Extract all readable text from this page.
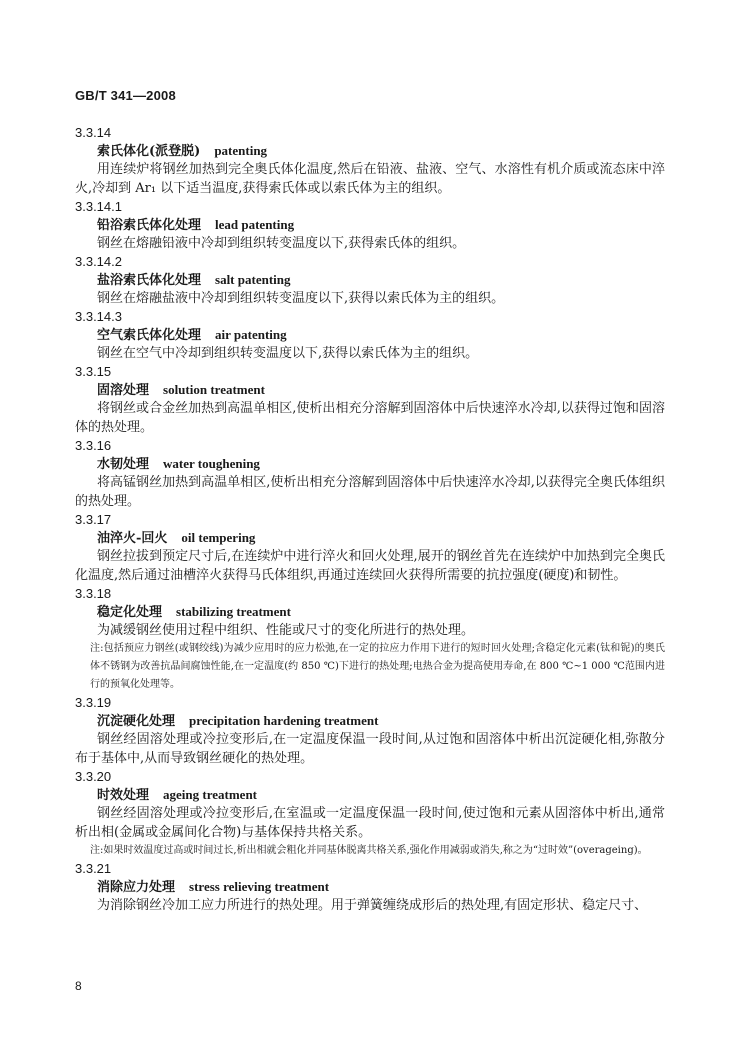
GB/T 341—2008
3.3.14
索氏体化(派登脱) patenting
用连续炉将钢丝加热到完全奥氏体化温度,然后在铅液、盐液、空气、水溶性有机介质或流态床中淬火,冷却到 Ar₁ 以下适当温度,获得索氏体或以索氏体为主的组织。
3.3.14.1
铅浴索氏体化处理 lead patenting
钢丝在熔融铅液中冷却到组织转变温度以下,获得索氏体的组织。
3.3.14.2
盐浴索氏体化处理 salt patenting
钢丝在熔融盐液中冷却到组织转变温度以下,获得以索氏体为主的组织。
3.3.14.3
空气索氏体化处理 air patenting
钢丝在空气中冷却到组织转变温度以下,获得以索氏体为主的组织。
3.3.15
固溶处理 solution treatment
将钢丝或合金丝加热到高温单相区,使析出相充分溶解到固溶体中后快速淬水冷却,以获得过饱和固溶体的热处理。
3.3.16
水韧处理 water toughening
将高锰钢丝加热到高温单相区,使析出相充分溶解到固溶体中后快速淬水冷却,以获得完全奥氏体组织的热处理。
3.3.17
油淬火-回火 oil tempering
钢丝拉拔到预定尺寸后,在连续炉中进行淬火和回火处理,展开的钢丝首先在连续炉中加热到完全奥氏化温度,然后通过油槽淬火获得马氏体组织,再通过连续回火获得所需要的抗拉强度(硬度)和韧性。
3.3.18
稳定化处理 stabilizing treatment
为减缓钢丝使用过程中组织、性能或尺寸的变化所进行的热处理。
注:包括预应力钢丝(或钢绞线)为减少应用时的应力松弛,在一定的拉应力作用下进行的短时回火处理;含稳定化元素(钛和铌)的奥氏体不锈钢为改善抗晶间腐蚀性能,在一定温度(约 850 ℃)下进行的热处理;电热合金为提高使用寿命,在 800 ℃~1 000 ℃范围内进行的预氧化处理等。
3.3.19
沉淀硬化处理 precipitation hardening treatment
钢丝经固溶处理或冷拉变形后,在一定温度保温一段时间,从过饱和固溶体中析出沉淀硬化相,弥散分布于基体中,从而导致钢丝硬化的热处理。
3.3.20
时效处理 ageing treatment
钢丝经固溶处理或冷拉变形后,在室温或一定温度保温一段时间,使过饱和元素从固溶体中析出,通常析出相(金属或金属间化合物)与基体保持共格关系。
注:如果时效温度过高或时间过长,析出相就会粗化并同基体脱离共格关系,强化作用减弱或消失,称之为“过时效”(overageing)。
3.3.21
消除应力处理 stress relieving treatment
为消除钢丝冷加工应力所进行的热处理。用于弹簧缠绕成形后的热处理,有固定形状、稳定尺寸、
8
